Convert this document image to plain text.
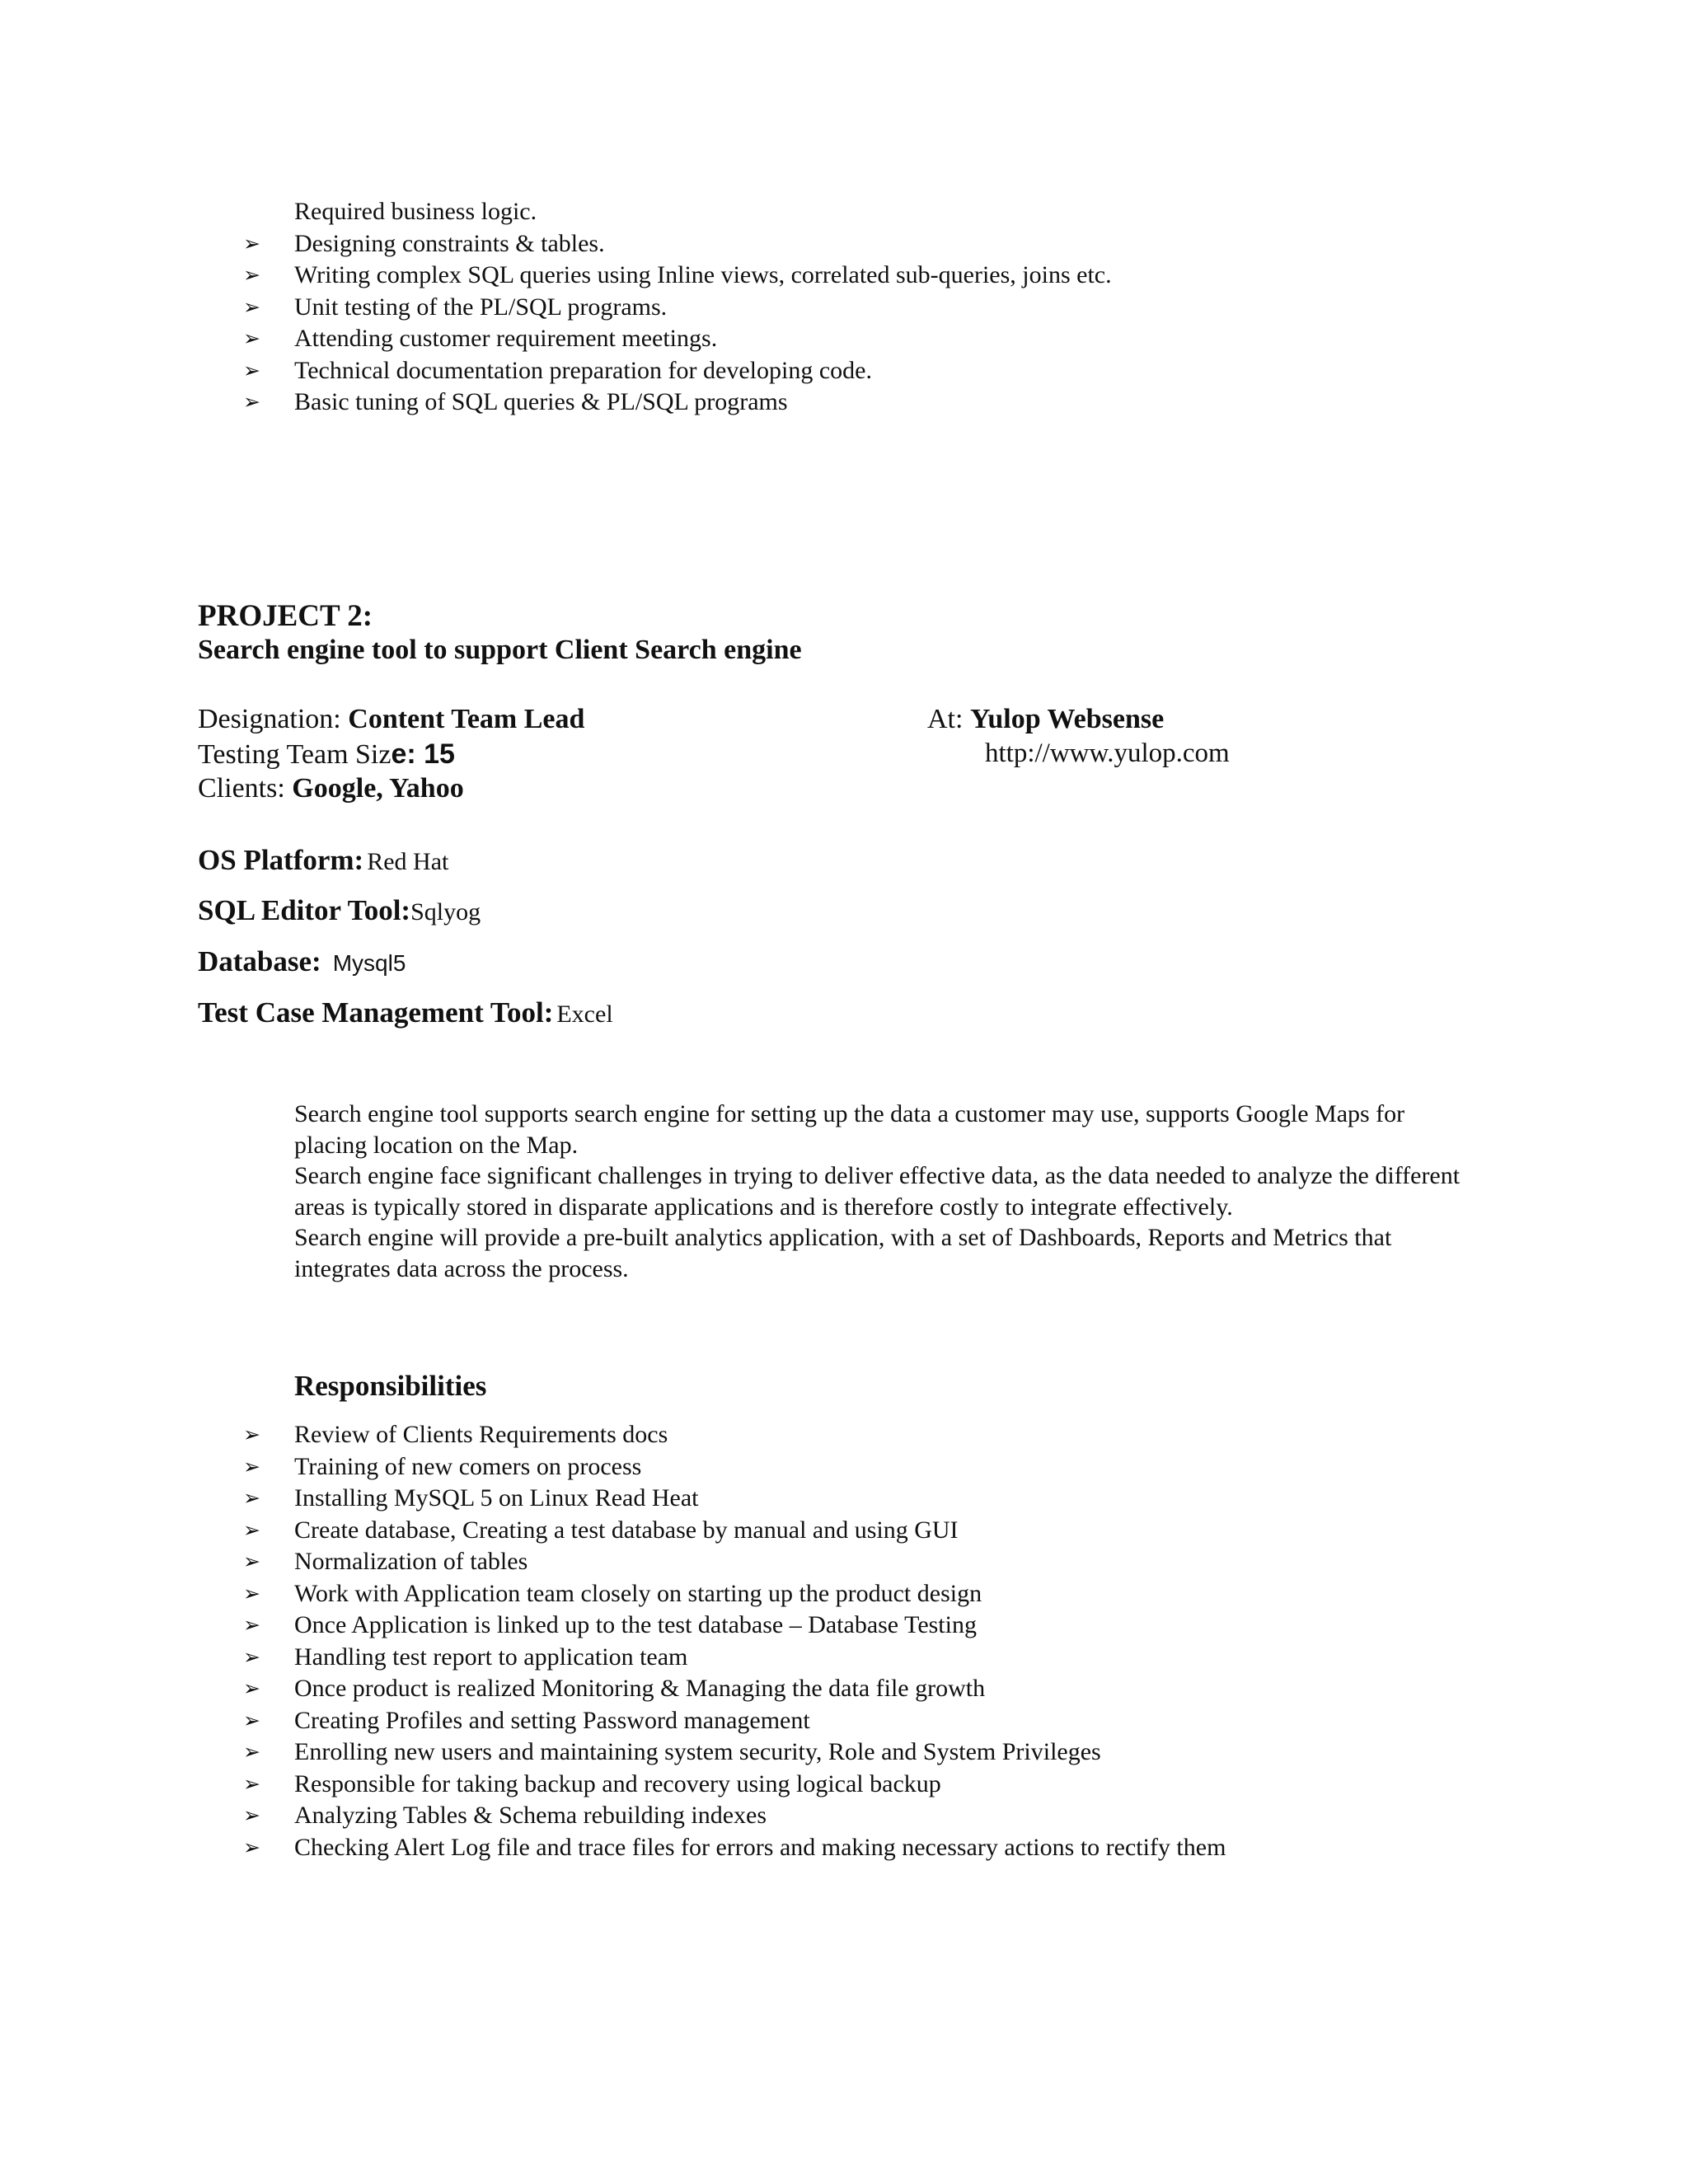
Required business logic.
➢ Designing constraints & tables.
➢ Writing complex SQL queries using Inline views, correlated sub-queries, joins etc.
➢ Unit testing of the PL/SQL programs.
➢ Attending customer requirement meetings.
➢ Technical documentation preparation for developing code.
➢ Basic tuning of SQL queries & PL/SQL programs
PROJECT 2:
Search engine tool to support Client Search engine
Designation: Content Team Lead
Testing Team Size: 15
Clients: Google, Yahoo
At: Yulop Websense
http://www.yulop.com
OS Platform: Red Hat
SQL Editor Tool:Sqlyog
Database: Mysql5
Test Case Management Tool: Excel

Search engine tool supports search engine for setting up the data a customer may use, supports Google Maps for placing location on the Map.

Search engine face significant challenges in trying to deliver effective data, as the data needed to analyze the different areas is typically stored in disparate applications and is therefore costly to integrate effectively.

Search engine will provide a pre-built analytics application, with a set of Dashboards, Reports and Metrics that integrates data across the process.

Responsibilities
➢ Review of Clients Requirements docs
➢ Training of new comers on process
➢ Installing MySQL 5 on Linux Read Heat
➢ Create database, Creating a test database by manual and using GUI
➢ Normalization of tables
➢ Work with Application team closely on starting up the product design
➢ Once Application is linked up to the test database – Database Testing
➢ Handling test report to application team
➢ Once product is realized Monitoring & Managing the data file growth
➢ Creating Profiles and setting Password management
➢ Enrolling new users and maintaining system security, Role and System Privileges
➢ Responsible for taking backup and recovery using logical backup
➢ Analyzing Tables & Schema rebuilding indexes
➢ Checking Alert Log file and trace files for errors and making necessary actions to rectify them
